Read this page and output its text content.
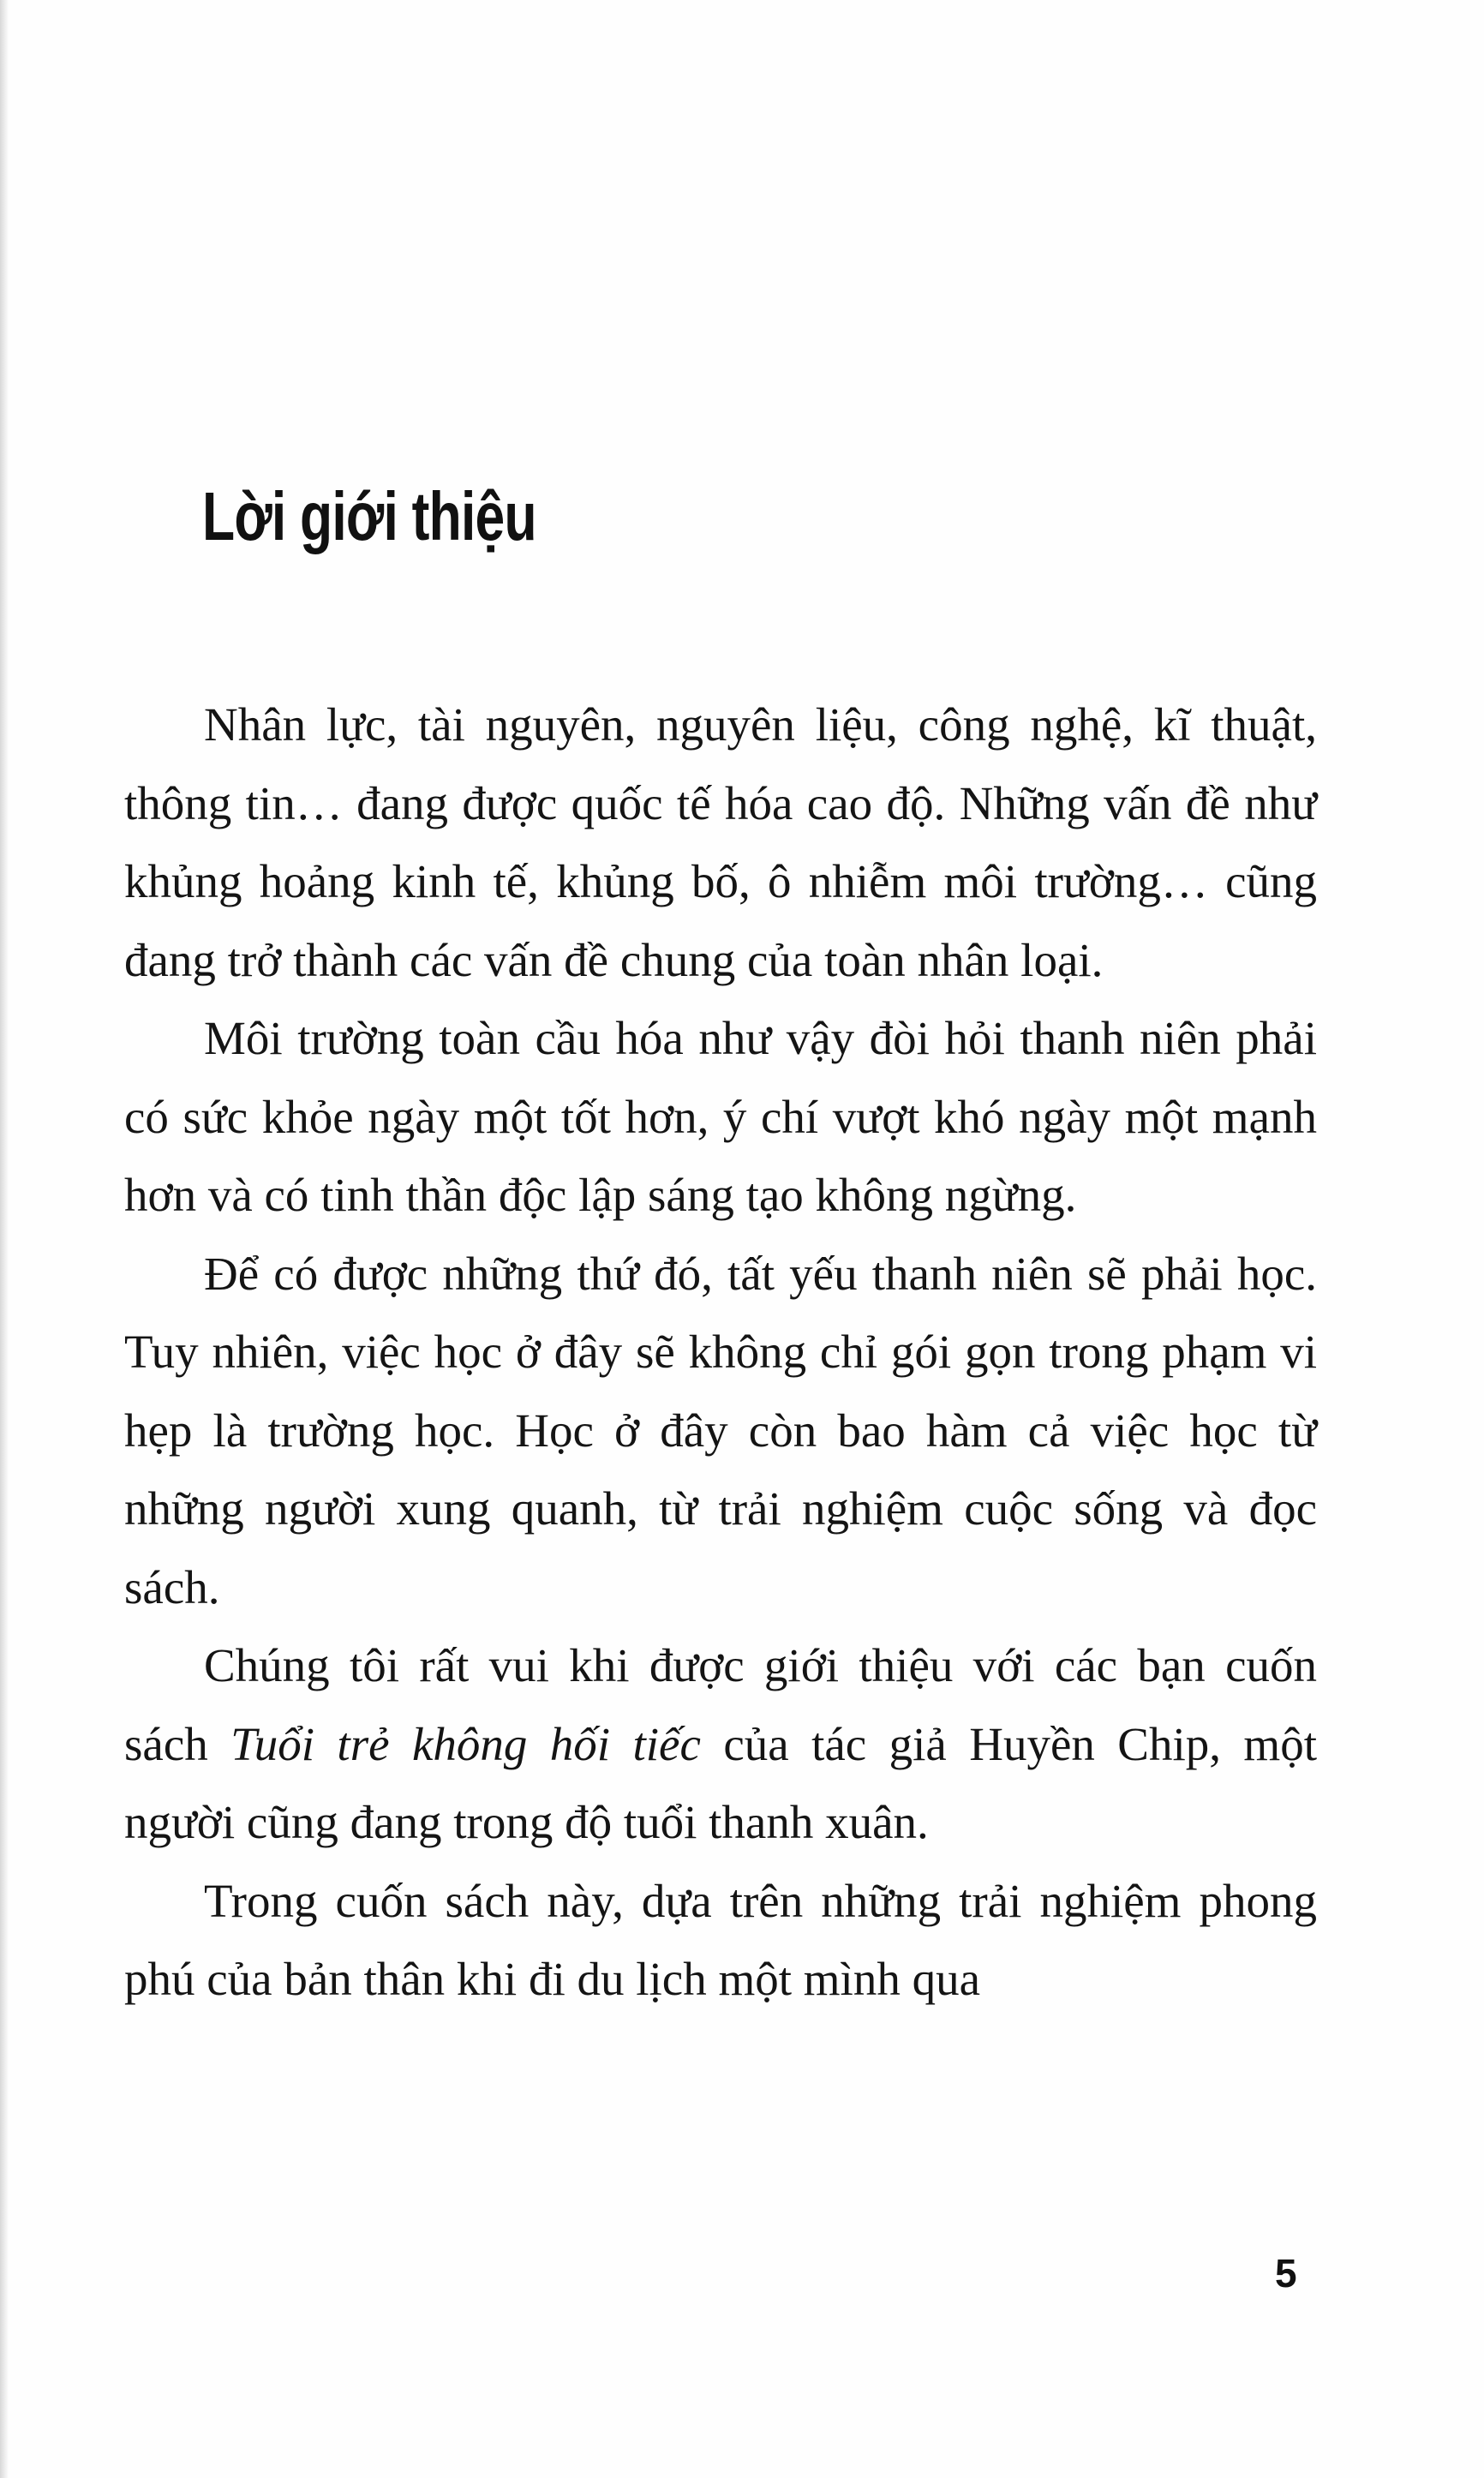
Lời giới thiệu

Nhân lực, tài nguyên, nguyên liệu, công nghệ, kĩ thuật, thông tin… đang được quốc tế hóa cao độ. Những vấn đề như khủng hoảng kinh tế, khủng bố, ô nhiễm môi trường… cũng đang trở thành các vấn đề chung của toàn nhân loại.

Môi trường toàn cầu hóa như vậy đòi hỏi thanh niên phải có sức khỏe ngày một tốt hơn, ý chí vượt khó ngày một mạnh hơn và có tinh thần độc lập sáng tạo không ngừng.

Để có được những thứ đó, tất yếu thanh niên sẽ phải học. Tuy nhiên, việc học ở đây sẽ không chỉ gói gọn trong phạm vi hẹp là trường học. Học ở đây còn bao hàm cả việc học từ những người xung quanh, từ trải nghiệm cuộc sống và đọc sách.

Chúng tôi rất vui khi được giới thiệu với các bạn cuốn sách Tuổi trẻ không hối tiếc của tác giả Huyền Chip, một người cũng đang trong độ tuổi thanh xuân.

Trong cuốn sách này, dựa trên những trải nghiệm phong phú của bản thân khi đi du lịch một mình qua

5
